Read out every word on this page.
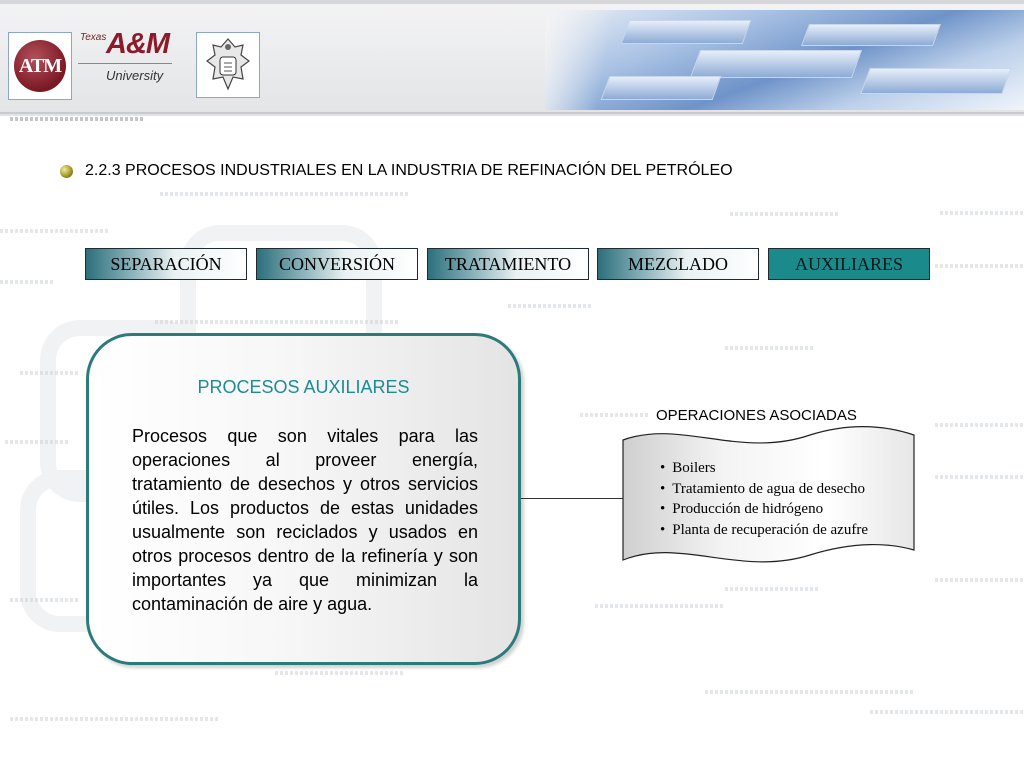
ATM
Texas A&M
University
2.2.3 PROCESOS INDUSTRIALES EN LA INDUSTRIA DE REFINACIÓN DEL PETRÓLEO
SEPARACIÓN	CONVERSIÓN	TRATAMIENTO	MEZCLADO	AUXILIARES
PROCESOS AUXILIARES
Procesos que son vitales para las operaciones al proveer energía, tratamiento de desechos y otros servicios útiles. Los productos de estas unidades usualmente son reciclados y usados en otros procesos dentro de la refinería y son importantes ya que minimizan la contaminación de aire y agua.
OPERACIONES ASOCIADAS
• Boilers
• Tratamiento de agua de desecho
• Producción de hidrógeno
• Planta de recuperación de azufre
